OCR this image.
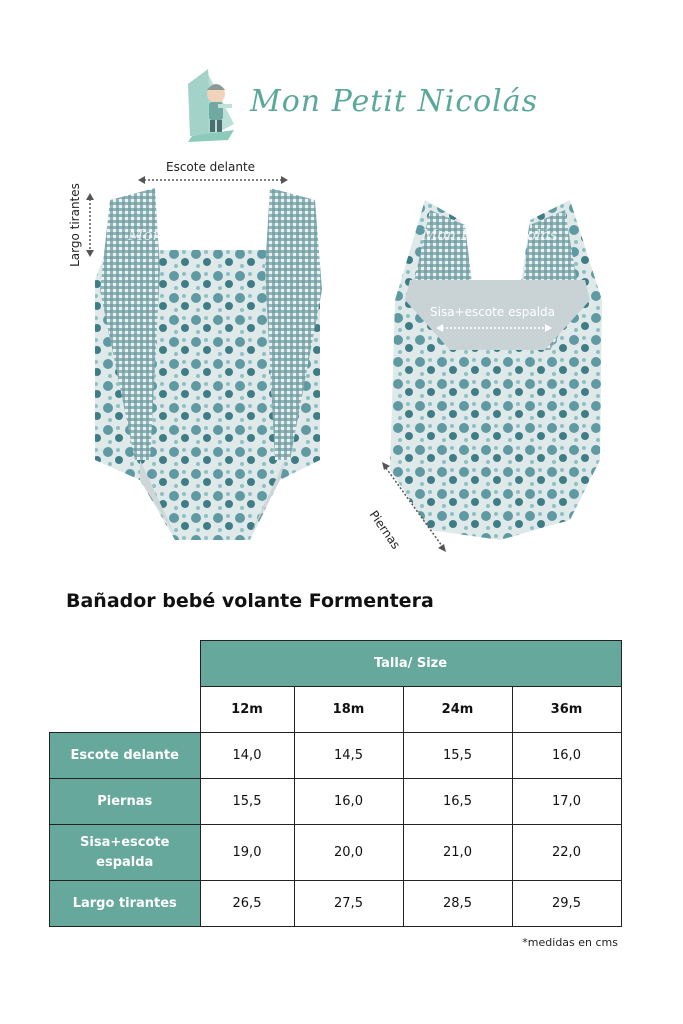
Mon Petit Nicolás
Mon Petit Nicolás	Mon Petit Nicolás
Escote delante
Largo tirantes
Sisa+escote espalda
Piernas
Bañador bebé volante Formentera
	Talla/ Size			
	12m	18m	24m	36m
Escote delante	14,0	14,5	15,5	16,0
Piernas	15,5	16,0	16,5	17,0
Sisa+escote espalda	19,0	20,0	21,0	22,0
Largo tirantes	26,5	27,5	28,5	29,5
*medidas en cms
